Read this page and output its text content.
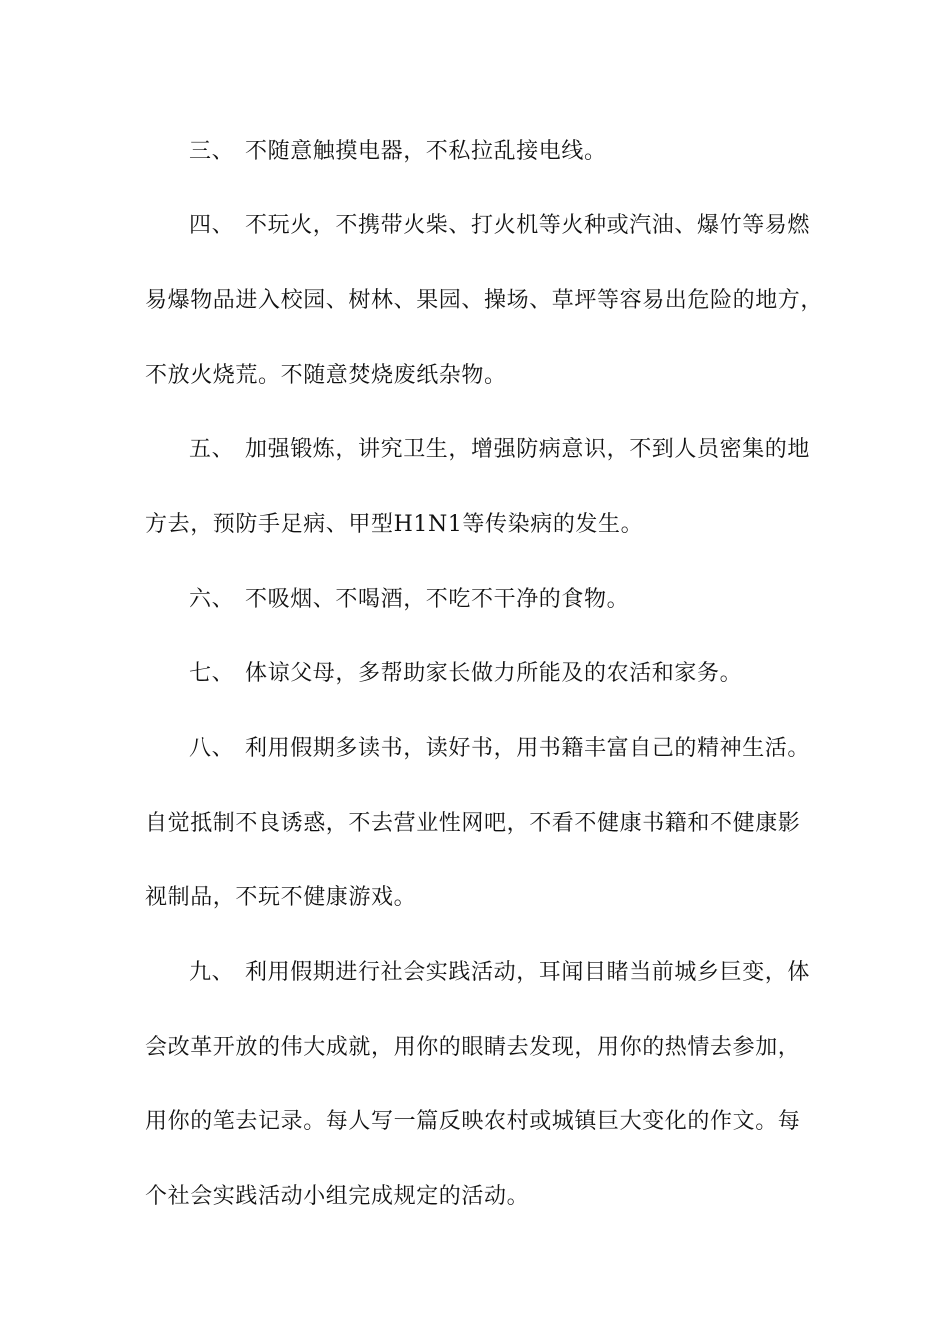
三、 不随意触摸电器，不私拉乱接电线。
四、 不玩火，不携带火柴、打火机等火种或汽油、爆竹等易燃
易爆物品进入校园、树林、果园、操场、草坪等容易出危险的地方，
不放火烧荒。不随意焚烧废纸杂物。
五、 加强锻炼，讲究卫生，增强防病意识，不到人员密集的地
方去，预防手足病、甲型H1N1等传染病的发生。
六、 不吸烟、不喝酒，不吃不干净的食物。
七、 体谅父母，多帮助家长做力所能及的农活和家务。
八、 利用假期多读书，读好书，用书籍丰富自己的精神生活。
自觉抵制不良诱惑，不去营业性网吧，不看不健康书籍和不健康影
视制品，不玩不健康游戏。
九、 利用假期进行社会实践活动，耳闻目睹当前城乡巨变，体
会改革开放的伟大成就，用你的眼睛去发现，用你的热情去参加，
用你的笔去记录。每人写一篇反映农村或城镇巨大变化的作文。每
个社会实践活动小组完成规定的活动。
